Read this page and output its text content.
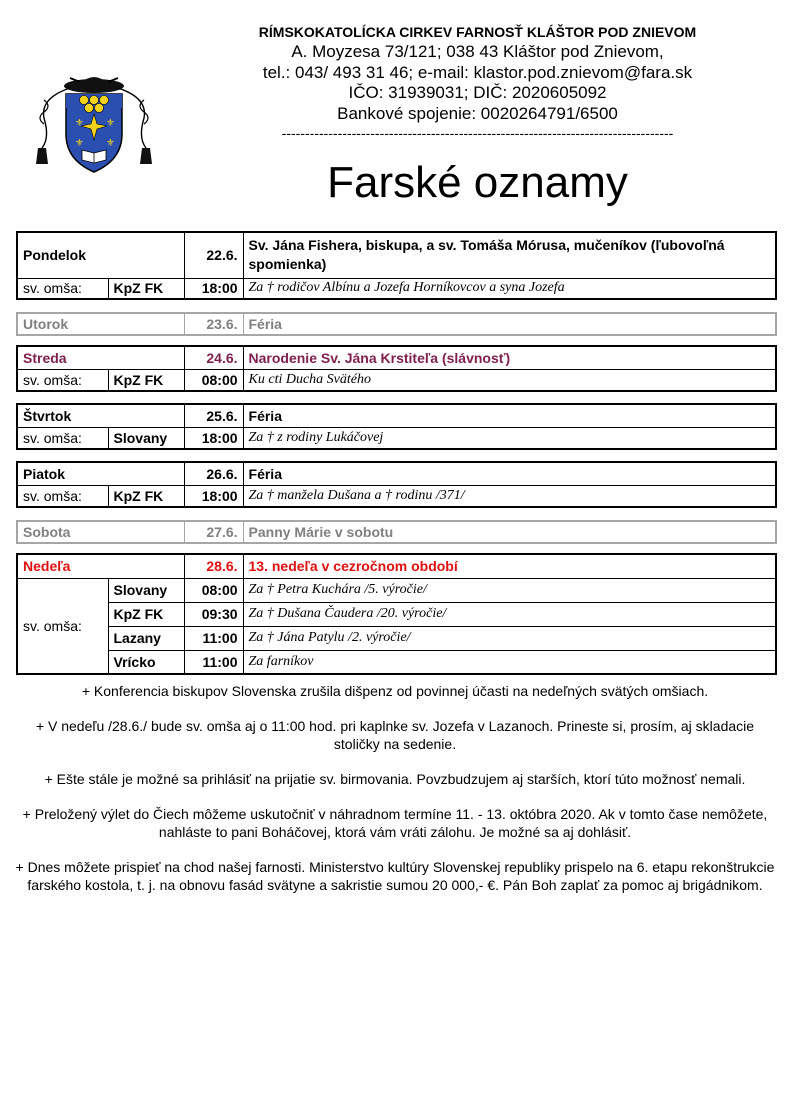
⚜ ⚜
⚜ ⚜
RÍMSKOKATOLÍCKA CIRKEV FARNOSŤ KLÁŠTOR POD ZNIEVOM
A. Moyzesa 73/121; 038 43 Kláštor pod Znievom,
tel.: 043/ 493 31 46; e-mail: klastor.pod.znievom@fara.sk
IČO: 31939031; DIČ: 2020605092
Bankové spojenie: 0020264791/6500
------------------------------------------------------------------------------------
Farské oznamy
Pondelok		22.6.	Sv. Jána Fishera, biskupa, a sv. Tomáša Mórusa, mučeníkov (ľubovoľná spomienka)
sv. omša:	KpZ FK	18:00	Za † rodičov Albínu a Jozefa Horníkovcov a syna Jozefa
Utorok	23.6.	Féria
Streda		24.6.	Narodenie Sv. Jána Krstiteľa (slávnosť)
sv. omša:	KpZ FK	08:00	Ku cti Ducha Svätého
Štvrtok		25.6.	Féria
sv. omša:	Slovany	18:00	Za † z rodiny Lukáčovej
Piatok		26.6.	Féria
sv. omša:	KpZ FK	18:00	Za † manžela Dušana a † rodinu /371/
Sobota	27.6.	Panny Márie v sobotu
Nedeľa		28.6.	13. nedeľa v cezročnom období
sv. omša:	Slovany	08:00	Za † Petra Kuchára /5. výročie/
	KpZ FK	09:30	Za † Dušana Čaudera /20. výročie/
	Lazany	11:00	Za † Jána Patylu /2. výročie/
	Vrícko	11:00	Za farníkov

+ Konferencia biskupov Slovenska zrušila dišpenz od povinnej účasti na nedeľných svätých omšiach.

+ V nedeľu /28.6./ bude sv. omša aj o 11:00 hod. pri kaplnke sv. Jozefa v Lazanoch. Prineste si, prosím, aj skladacie stoličky na sedenie.

+ Ešte stále je možné sa prihlásiť na prijatie sv. birmovania. Povzbudzujem aj starších, ktorí túto možnosť nemali.

+ Preložený výlet do Čiech môžeme uskutočniť v náhradnom termíne 11. - 13. októbra 2020. Ak v tomto čase nemôžete, nahláste to pani Boháčovej, ktorá vám vráti zálohu. Je možné sa aj dohlásiť.

+ Dnes môžete prispieť na chod našej farnosti. Ministerstvo kultúry Slovenskej republiky prispelo na 6. etapu rekonštrukcie farského kostola, t. j. na obnovu fasád svätyne a sakristie sumou 20 000,- €. Pán Boh zaplať za pomoc aj brigádnikom.
